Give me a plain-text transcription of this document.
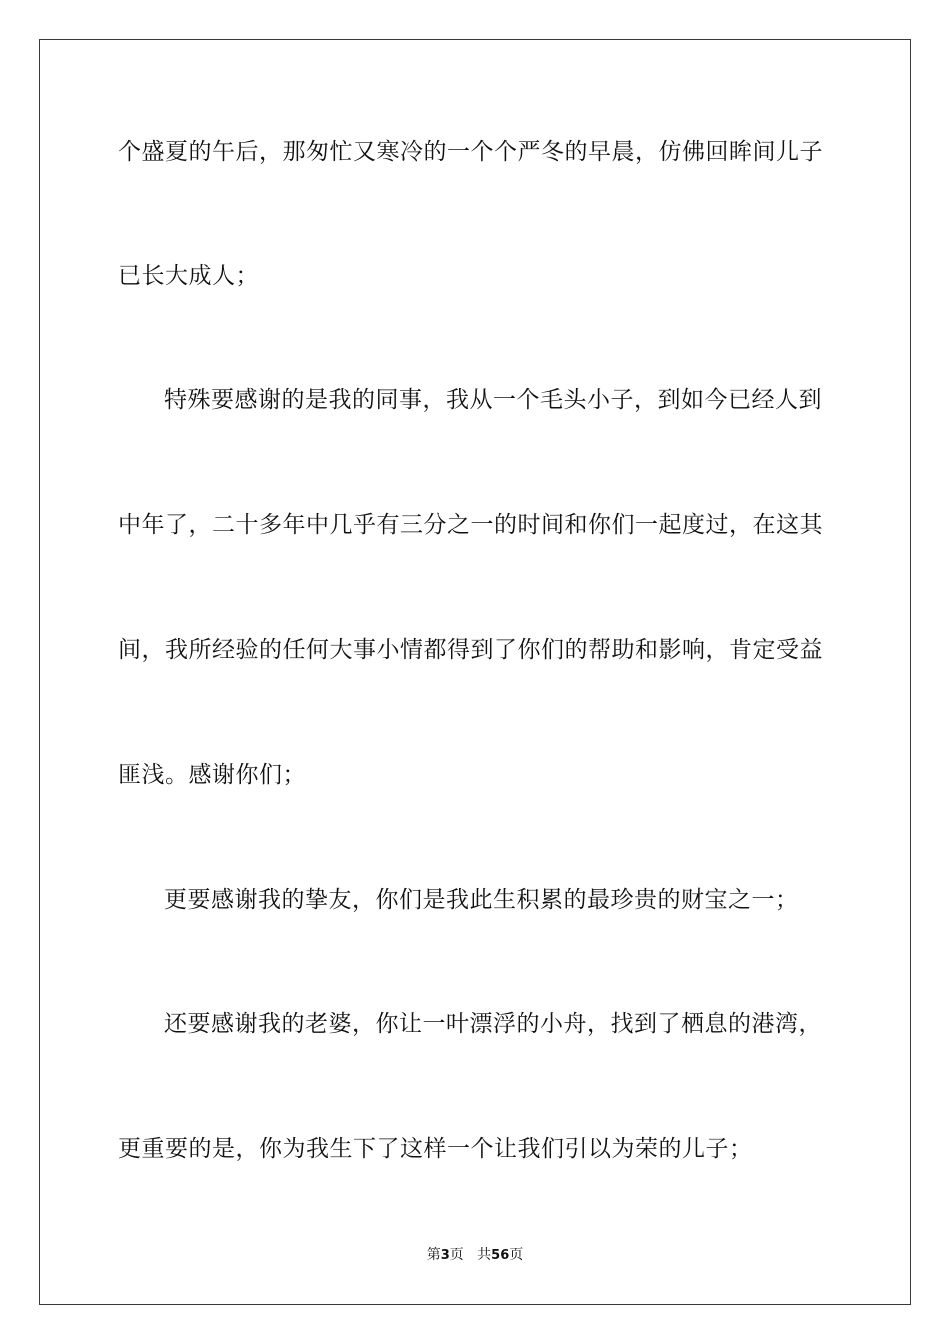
个盛夏的午后，那匆忙又寒冷的一个个严冬的早晨，仿佛回眸间儿子

已长大成人；

特殊要感谢的是我的同事，我从一个毛头小子，到如今已经人到

中年了，二十多年中几乎有三分之一的时间和你们一起度过，在这其

间，我所经验的任何大事小情都得到了你们的帮助和影响，肯定受益

匪浅。感谢你们；

更要感谢我的挚友，你们是我此生积累的最珍贵的财宝之一；

还要感谢我的老婆，你让一叶漂浮的小舟，找到了栖息的港湾，

更重要的是，你为我生下了这样一个让我们引以为荣的儿子；

第3页 共56页
